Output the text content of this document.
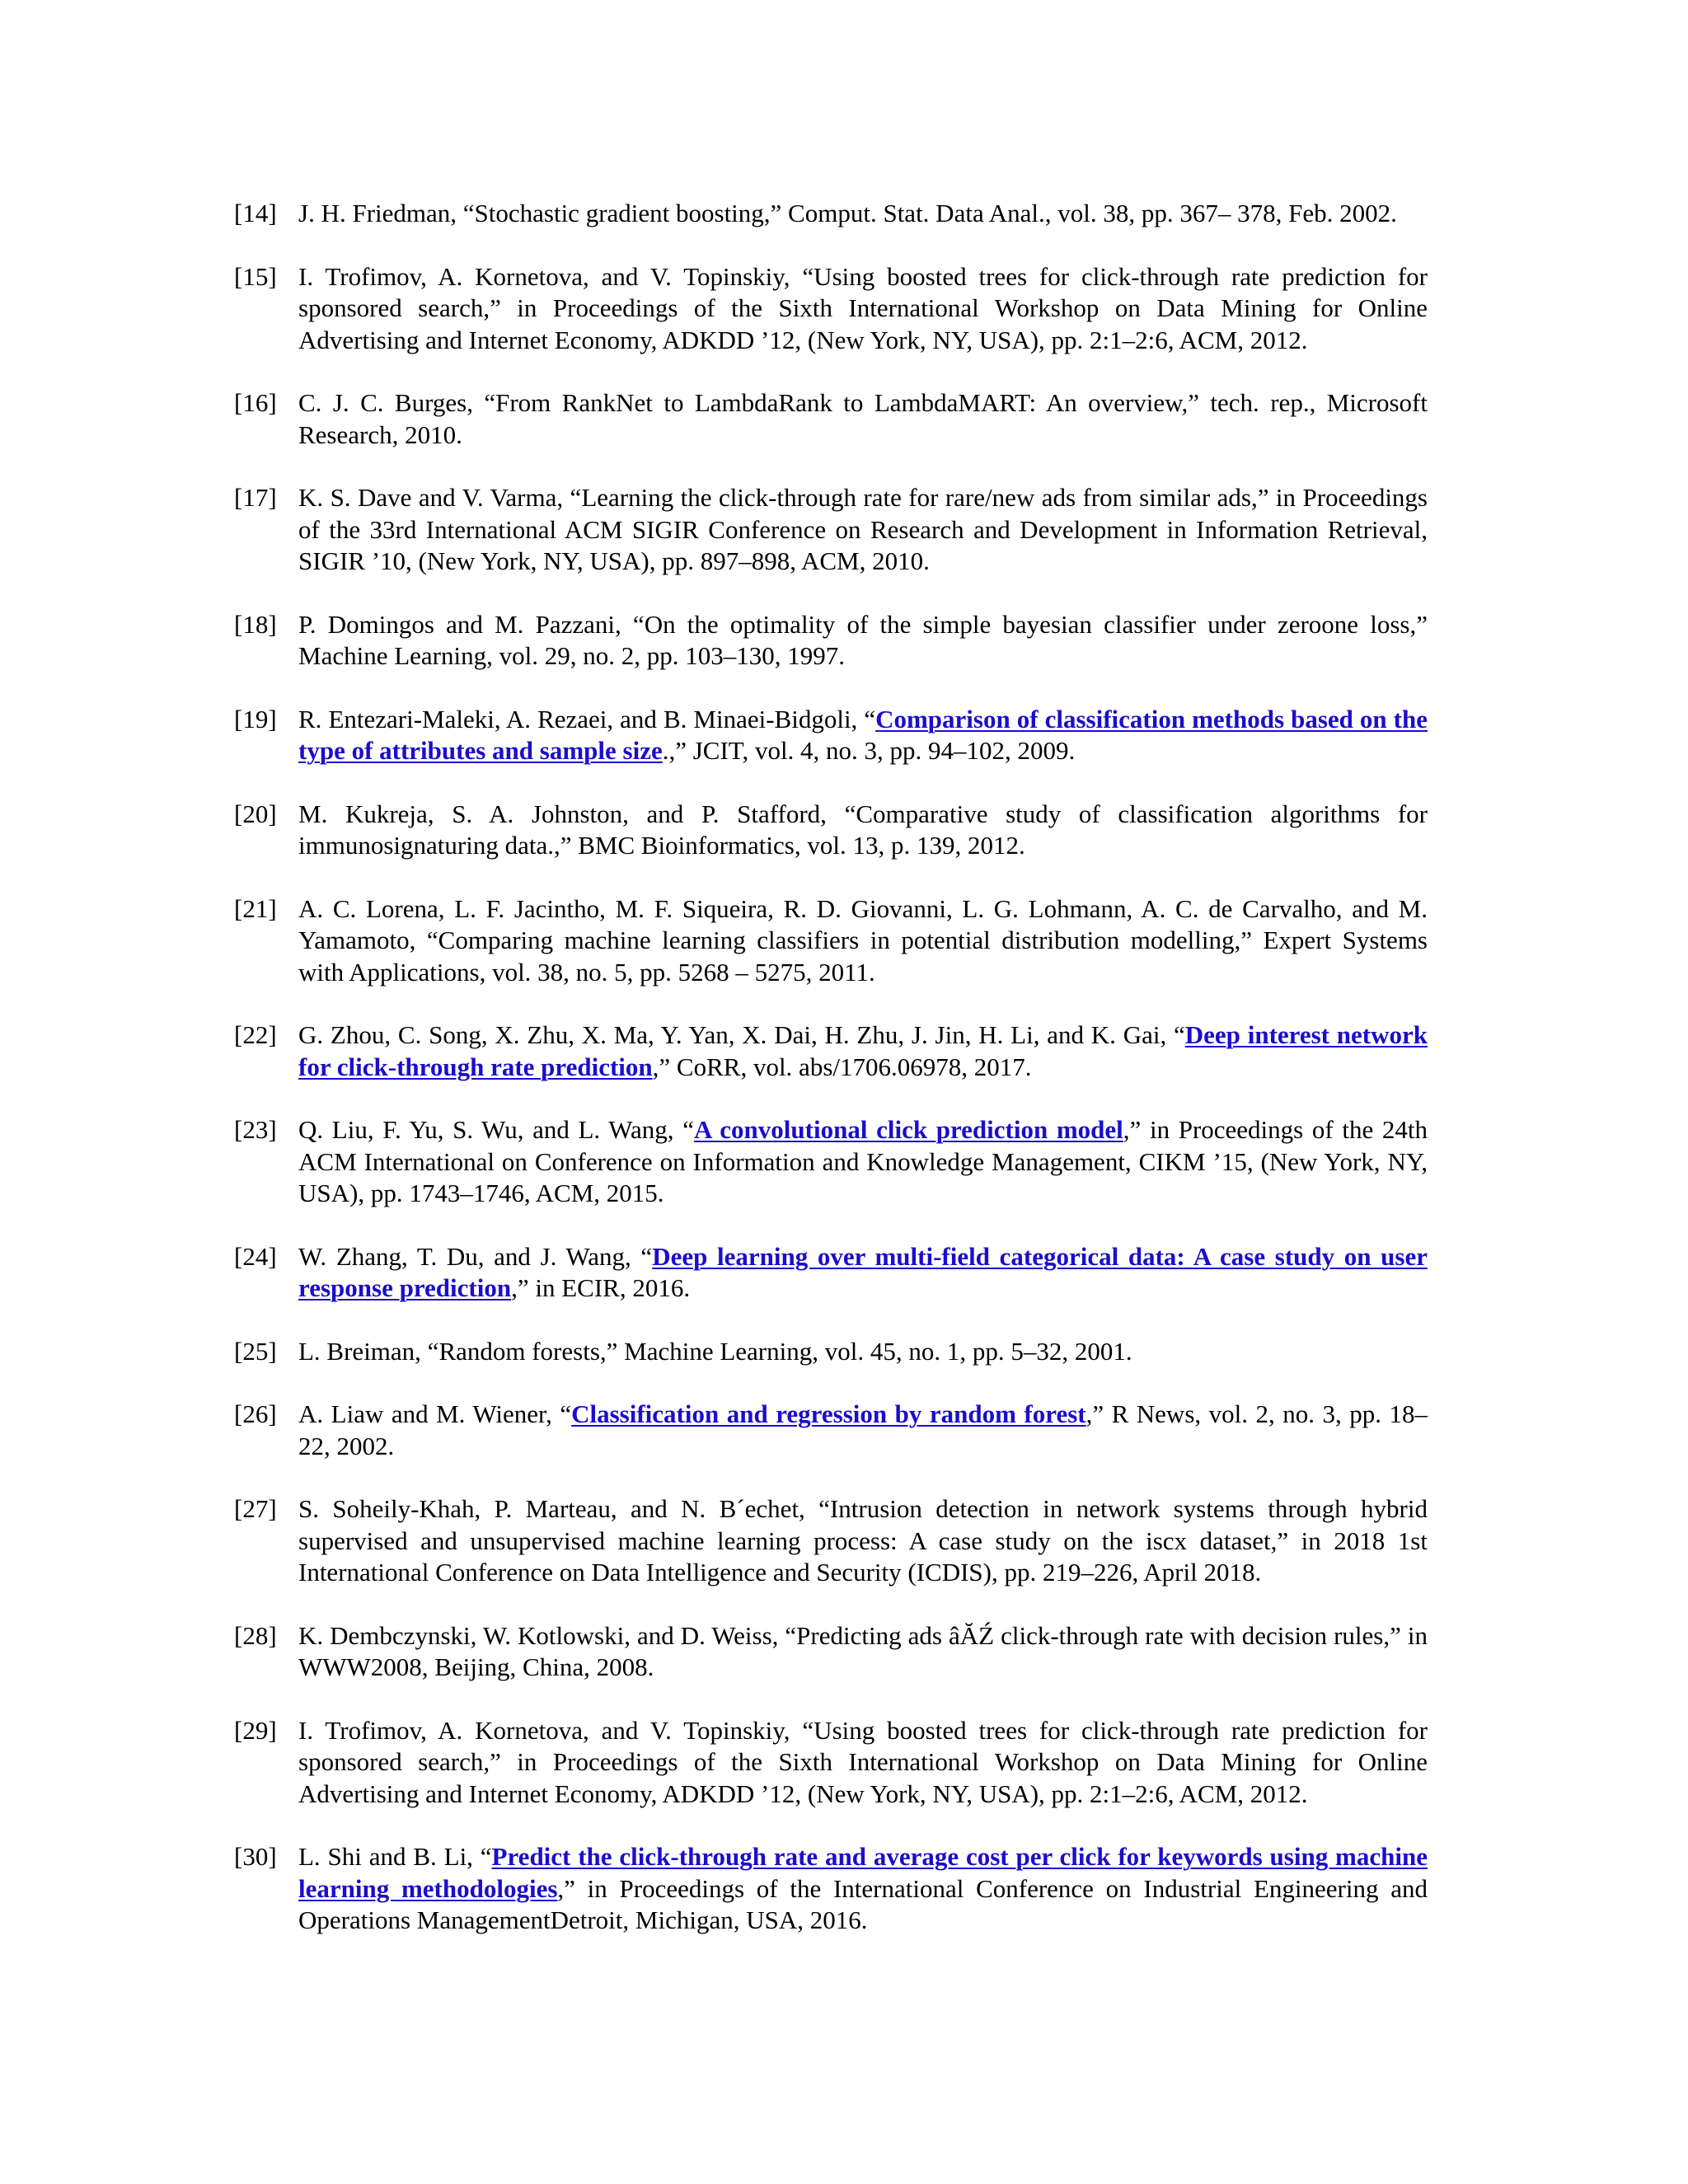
[14] J. H. Friedman, “Stochastic gradient boosting,” Comput. Stat. Data Anal., vol. 38, pp. 367– 378, Feb. 2002.
[15] I. Trofimov, A. Kornetova, and V. Topinskiy, “Using boosted trees for click-through rate prediction for sponsored search,” in Proceedings of the Sixth International Workshop on Data Mining for Online Advertising and Internet Economy, ADKDD ’12, (New York, NY, USA), pp. 2:1–2:6, ACM, 2012.
[16] C. J. C. Burges, “From RankNet to LambdaRank to LambdaMART: An overview,” tech. rep., Microsoft Research, 2010.
[17] K. S. Dave and V. Varma, “Learning the click-through rate for rare/new ads from similar ads,” in Proceedings of the 33rd International ACM SIGIR Conference on Research and Development in Information Retrieval, SIGIR ’10, (New York, NY, USA), pp. 897–898, ACM, 2010.
[18] P. Domingos and M. Pazzani, “On the optimality of the simple bayesian classifier under zeroone loss,” Machine Learning, vol. 29, no. 2, pp. 103–130, 1997.
[19] R. Entezari-Maleki, A. Rezaei, and B. Minaei-Bidgoli, “Comparison of classification methods based on the type of attributes and sample size.,” JCIT, vol. 4, no. 3, pp. 94–102, 2009.
[20] M. Kukreja, S. A. Johnston, and P. Stafford, “Comparative study of classification algorithms for immunosignaturing data.,” BMC Bioinformatics, vol. 13, p. 139, 2012.
[21] A. C. Lorena, L. F. Jacintho, M. F. Siqueira, R. D. Giovanni, L. G. Lohmann, A. C. de Carvalho, and M. Yamamoto, “Comparing machine learning classifiers in potential distribution modelling,” Expert Systems with Applications, vol. 38, no. 5, pp. 5268 – 5275, 2011.
[22] G. Zhou, C. Song, X. Zhu, X. Ma, Y. Yan, X. Dai, H. Zhu, J. Jin, H. Li, and K. Gai, “Deep interest network for click-through rate prediction,” CoRR, vol. abs/1706.06978, 2017.
[23] Q. Liu, F. Yu, S. Wu, and L. Wang, “A convolutional click prediction model,” in Proceedings of the 24th ACM International on Conference on Information and Knowledge Management, CIKM ’15, (New York, NY, USA), pp. 1743–1746, ACM, 2015.
[24] W. Zhang, T. Du, and J. Wang, “Deep learning over multi-field categorical data: A case study on user response prediction,” in ECIR, 2016.
[25] L. Breiman, “Random forests,” Machine Learning, vol. 45, no. 1, pp. 5–32, 2001.
[26] A. Liaw and M. Wiener, “Classification and regression by random forest,” R News, vol. 2, no. 3, pp. 18–22, 2002.
[27] S. Soheily-Khah, P. Marteau, and N. B´echet, “Intrusion detection in network systems through hybrid supervised and unsupervised machine learning process: A case study on the iscx dataset,” in 2018 1st International Conference on Data Intelligence and Security (ICDIS), pp. 219–226, April 2018.
[28] K. Dembczynski, W. Kotlowski, and D. Weiss, “Predicting ads âĂŹ click-through rate with decision rules,” in WWW2008, Beijing, China, 2008.
[29] I. Trofimov, A. Kornetova, and V. Topinskiy, “Using boosted trees for click-through rate prediction for sponsored search,” in Proceedings of the Sixth International Workshop on Data Mining for Online Advertising and Internet Economy, ADKDD ’12, (New York, NY, USA), pp. 2:1–2:6, ACM, 2012.
[30] L. Shi and B. Li, “Predict the click-through rate and average cost per click for keywords using machine learning methodologies,” in Proceedings of the International Conference on Industrial Engineering and Operations ManagementDetroit, Michigan, USA, 2016.
